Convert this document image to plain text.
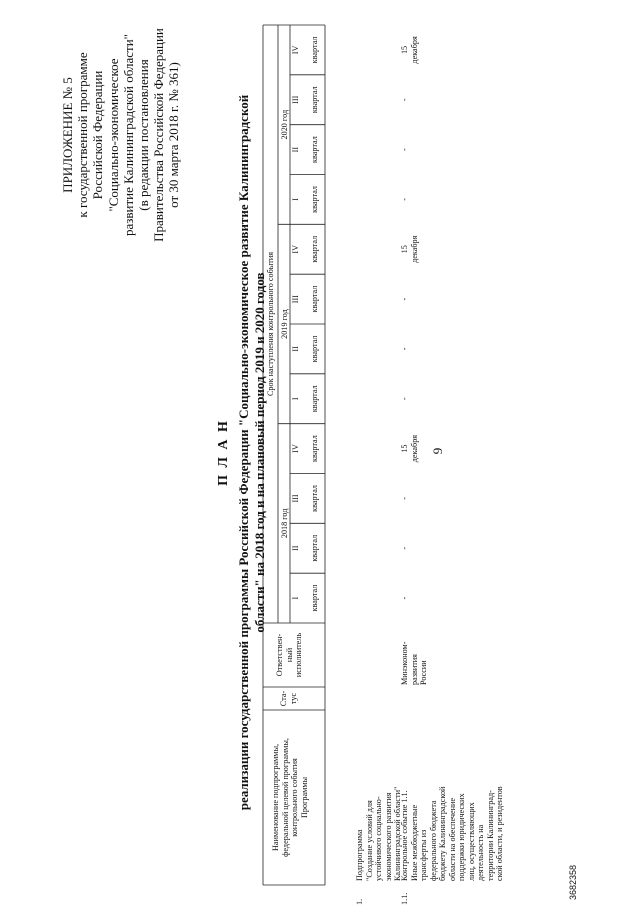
9
ПРИЛОЖЕНИЕ № 5 к государственной программе Российской Федерации "Социально-экономическое развитие Калининградской области" (в редакции постановления Правительства Российской Федерации от 30 марта 2018 г. № 361)
П Л А Н реализации государственной программы Российской Федерации "Социально-экономическое развитие Калининградской области" на 2018 год и на плановый период 2019 и 2020 годов
Наименование подпрограммы, федеральной целевой программы, контрольного события Программы
Ста- тус
Ответствен- ный исполнитель
Срок наступления контрольного события
2018 год
2019 год
2020 год
I квартал
II квартал
III квартал
IV квартал
I квартал
II квартал
III квартал
IV квартал
I квартал
II квартал
III квартал
IV квартал
1.
Подпрограмма "Создание условий для устойчивого социально- экономического развития Калининградской области"
1.1.
Контрольное событие 1.1. Иные межбюджетные трансферты из федерального бюджета бюджету Калининградской области на обеспечение поддержки юридических лиц, осуществляющих деятельность на территории Калининград- ской области, и резидентов
Минэконом- развития России
-
-
-
15 декабря
-
-
-
15 декабря
-
-
-
15 декабря
3682358
